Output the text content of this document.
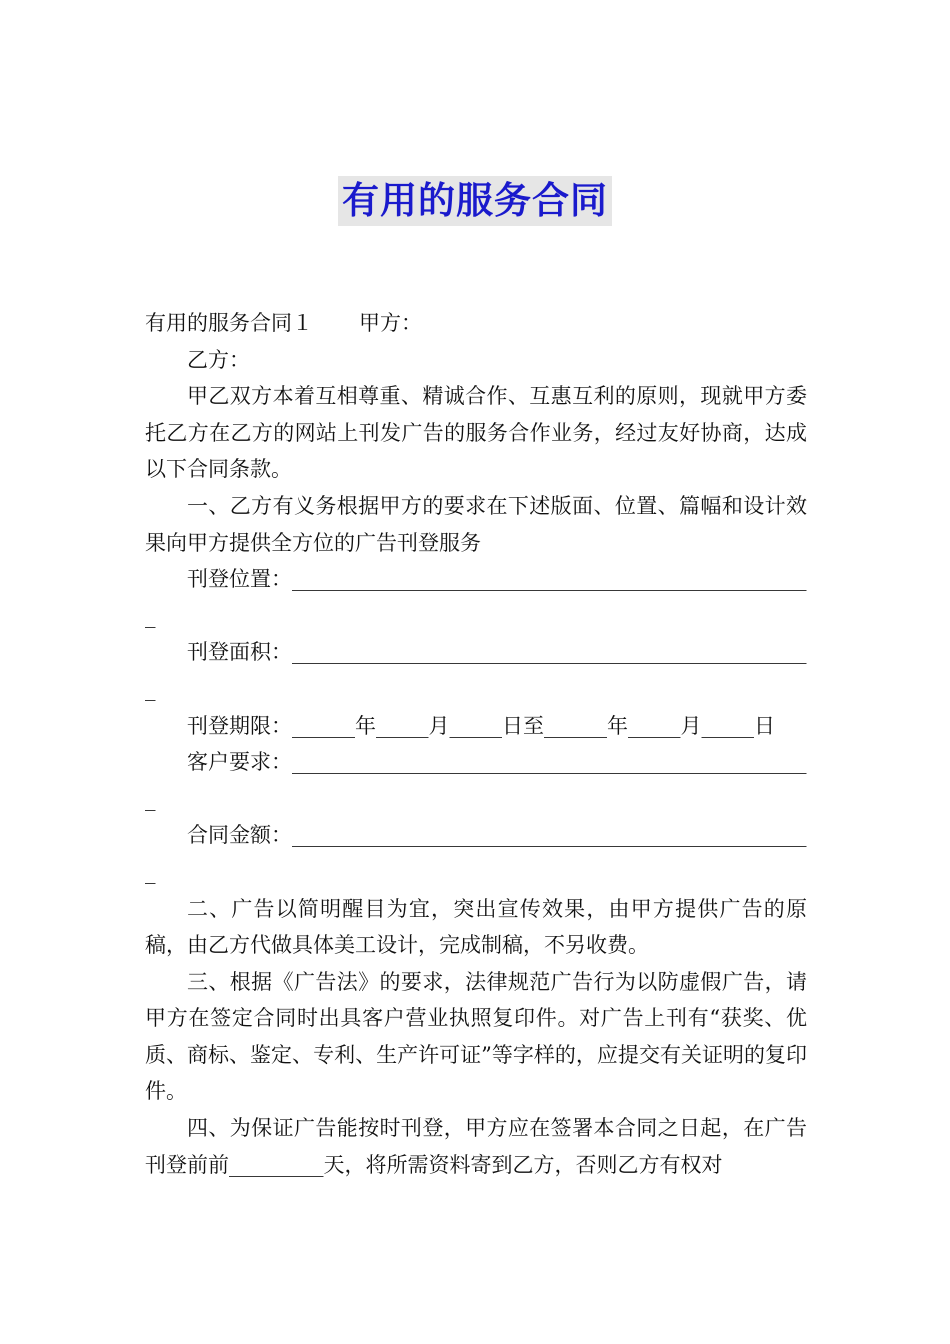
有用的服务合同

有用的服务合同１ 甲方：

乙方：

甲乙双方本着互相尊重、精诚合作、互惠互利的原则，现就甲方委托乙方在乙方的网站上刊发广告的服务合作业务，经过友好协商，达成以下合同条款。

一、乙方有义务根据甲方的要求在下述版面、位置、篇幅和设计效果向甲方提供全方位的广告刊登服务

刊登位置：__________________________________________________

刊登面积：__________________________________________________

刊登期限：______年_____月_____日至______年_____月_____日

客户要求：__________________________________________________

合同金额：__________________________________________________

二、广告以简明醒目为宜，突出宣传效果，由甲方提供广告的原稿，由乙方代做具体美工设计，完成制稿，不另收费。

三、根据《广告法》的要求，法律规范广告行为以防虚假广告，请甲方在签定合同时出具客户营业执照复印件。对广告上刊有“获奖、优质、商标、鉴定、专利、生产许可证”等字样的，应提交有关证明的复印件。

四、为保证广告能按时刊登，甲方应在签署本合同之日起，在广告刊登前前_________天，将所需资料寄到乙方，否则乙方有权对
